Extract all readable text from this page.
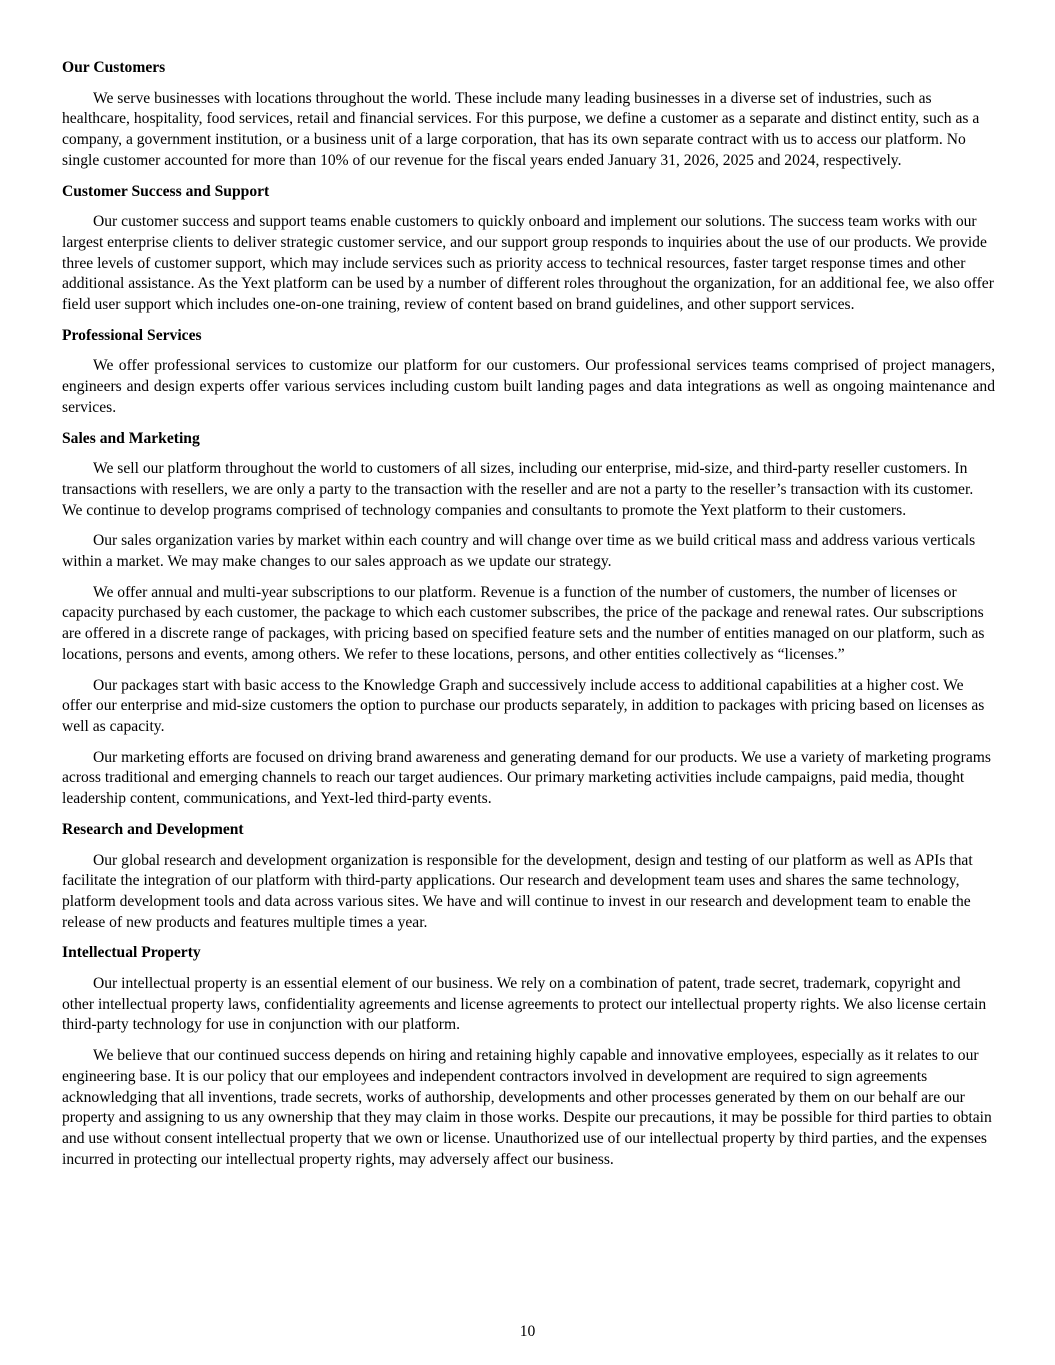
Our Customers

We serve businesses with locations throughout the world. These include many leading businesses in a diverse set of industries, such as healthcare, hospitality, food services, retail and financial services. For this purpose, we define a customer as a separate and distinct entity, such as a company, a government institution, or a business unit of a large corporation, that has its own separate contract with us to access our platform. No single customer accounted for more than 10% of our revenue for the fiscal years ended January 31, 2026, 2025 and 2024, respectively.

Customer Success and Support

Our customer success and support teams enable customers to quickly onboard and implement our solutions. The success team works with our largest enterprise clients to deliver strategic customer service, and our support group responds to inquiries about the use of our products. We provide three levels of customer support, which may include services such as priority access to technical resources, faster target response times and other additional assistance. As the Yext platform can be used by a number of different roles throughout the organization, for an additional fee, we also offer field user support which includes one-on-one training, review of content based on brand guidelines, and other support services.

Professional Services

We offer professional services to customize our platform for our customers. Our professional services teams comprised of project managers, engineers and design experts offer various services including custom built landing pages and data integrations as well as ongoing maintenance and services.

Sales and Marketing

We sell our platform throughout the world to customers of all sizes, including our enterprise, mid-size, and third-party reseller customers. In transactions with resellers, we are only a party to the transaction with the reseller and are not a party to the reseller’s transaction with its customer. We continue to develop programs comprised of technology companies and consultants to promote the Yext platform to their customers.

Our sales organization varies by market within each country and will change over time as we build critical mass and address various verticals within a market. We may make changes to our sales approach as we update our strategy.

We offer annual and multi-year subscriptions to our platform. Revenue is a function of the number of customers, the number of licenses or capacity purchased by each customer, the package to which each customer subscribes, the price of the package and renewal rates. Our subscriptions are offered in a discrete range of packages, with pricing based on specified feature sets and the number of entities managed on our platform, such as locations, persons and events, among others. We refer to these locations, persons, and other entities collectively as “licenses.”

Our packages start with basic access to the Knowledge Graph and successively include access to additional capabilities at a higher cost. We offer our enterprise and mid-size customers the option to purchase our products separately, in addition to packages with pricing based on licenses as well as capacity.

Our marketing efforts are focused on driving brand awareness and generating demand for our products. We use a variety of marketing programs across traditional and emerging channels to reach our target audiences. Our primary marketing activities include campaigns, paid media, thought leadership content, communications, and Yext-led third-party events.

Research and Development

Our global research and development organization is responsible for the development, design and testing of our platform as well as APIs that facilitate the integration of our platform with third-party applications. Our research and development team uses and shares the same technology, platform development tools and data across various sites. We have and will continue to invest in our research and development team to enable the release of new products and features multiple times a year.

Intellectual Property

Our intellectual property is an essential element of our business. We rely on a combination of patent, trade secret, trademark, copyright and other intellectual property laws, confidentiality agreements and license agreements to protect our intellectual property rights. We also license certain third-party technology for use in conjunction with our platform.

We believe that our continued success depends on hiring and retaining highly capable and innovative employees, especially as it relates to our engineering base. It is our policy that our employees and independent contractors involved in development are required to sign agreements acknowledging that all inventions, trade secrets, works of authorship, developments and other processes generated by them on our behalf are our property and assigning to us any ownership that they may claim in those works. Despite our precautions, it may be possible for third parties to obtain and use without consent intellectual property that we own or license. Unauthorized use of our intellectual property by third parties, and the expenses incurred in protecting our intellectual property rights, may adversely affect our business.

10
